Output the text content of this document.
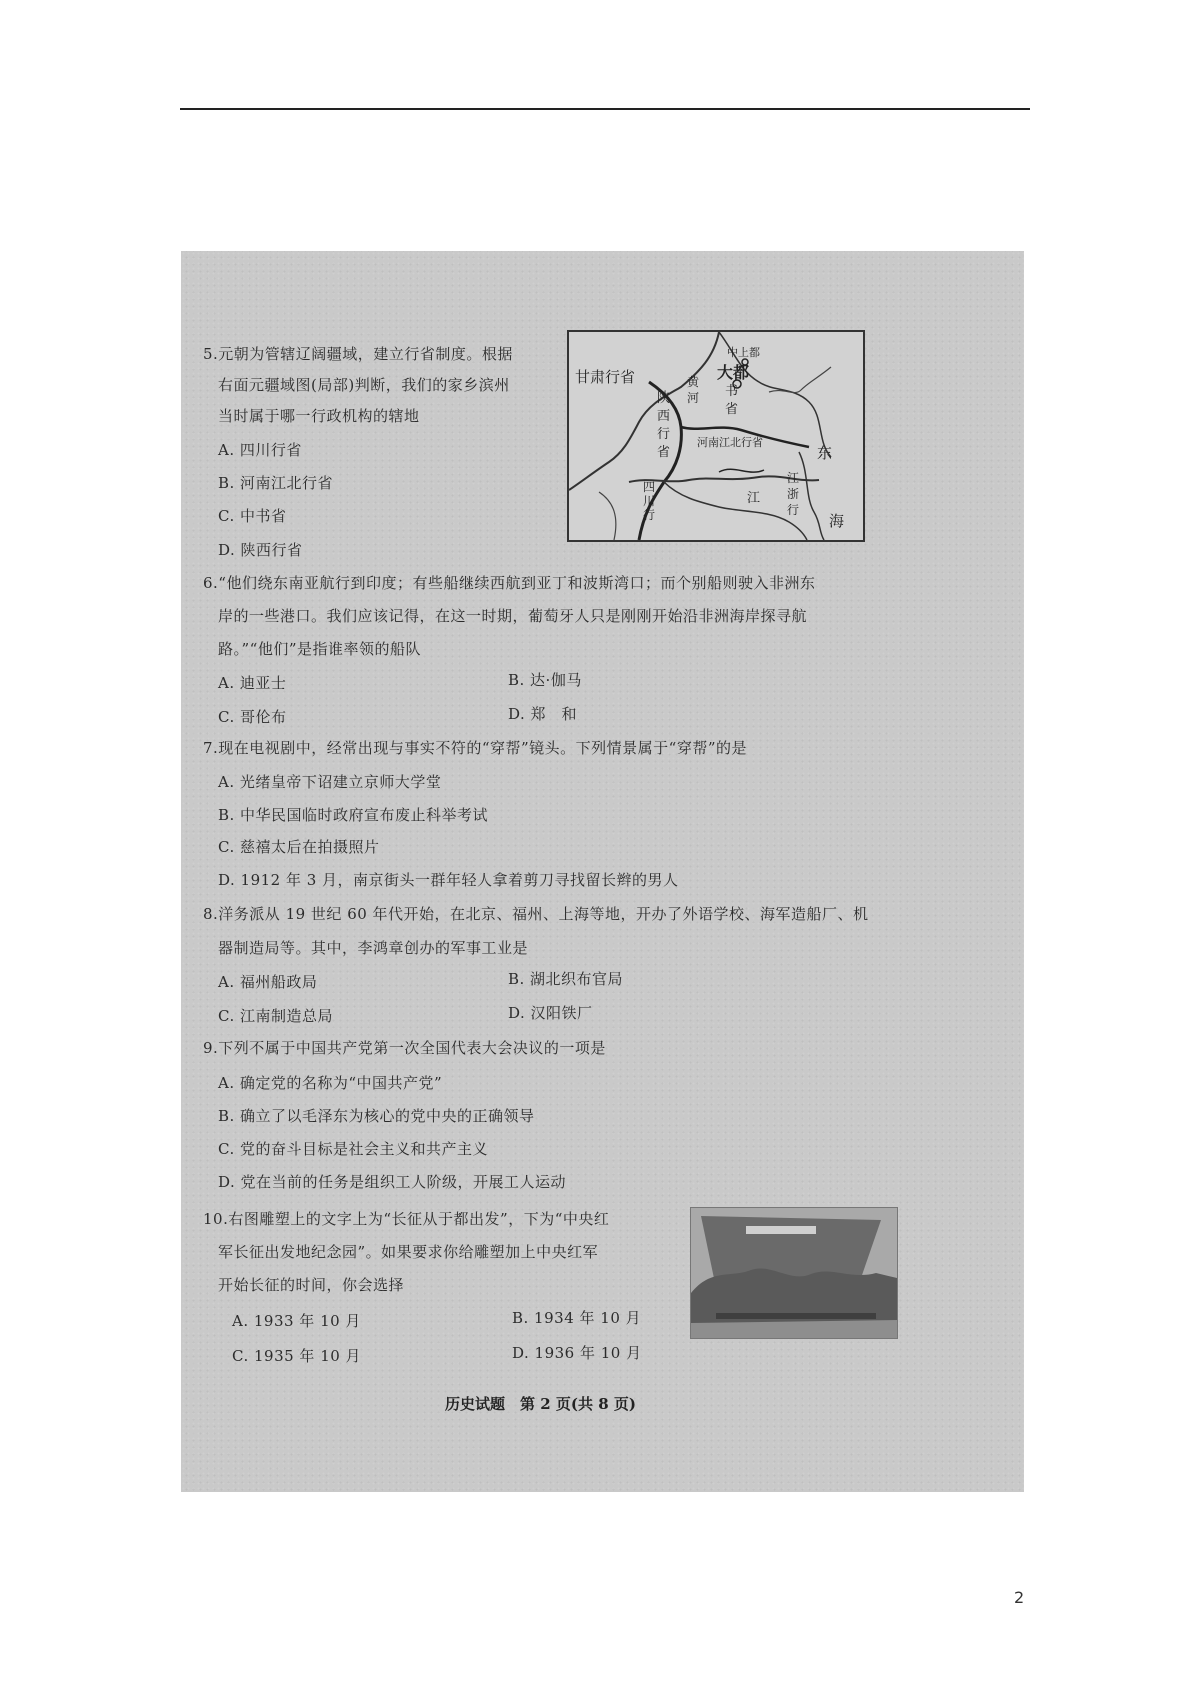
5.元朝为管辖辽阔疆域，建立行省制度。根据
右面元疆域图(局部)判断，我们的家乡滨州
当时属于哪一行政机构的辖地
A. 四川行省
B. 河南江北行省
C. 中书省
D. 陕西行省
中上都
大都
书
省
甘肃行省
陕西行省
黄河
河南江北行省
东
海
四川行
江
江浙行
6.“他们绕东南亚航行到印度；有些船继续西航到亚丁和波斯湾口；而个别船则驶入非洲东
岸的一些港口。我们应该记得，在这一时期，葡萄牙人只是刚刚开始沿非洲海岸探寻航
路。”“他们”是指谁率领的船队
A. 迪亚士	B. 达·伽马
C. 哥伦布	D. 郑　和
7.现在电视剧中，经常出现与事实不符的“穿帮”镜头。下列情景属于“穿帮”的是
A. 光绪皇帝下诏建立京师大学堂
B. 中华民国临时政府宣布废止科举考试
C. 慈禧太后在拍摄照片
D. 1912 年 3 月，南京街头一群年轻人拿着剪刀寻找留长辫的男人
8.洋务派从 19 世纪 60 年代开始，在北京、福州、上海等地，开办了外语学校、海军造船厂、机
器制造局等。其中，李鸿章创办的军事工业是
A. 福州船政局	B. 湖北织布官局
C. 江南制造总局	D. 汉阳铁厂
9.下列不属于中国共产党第一次全国代表大会决议的一项是
A. 确定党的名称为“中国共产党”
B. 确立了以毛泽东为核心的党中央的正确领导
C. 党的奋斗目标是社会主义和共产主义
D. 党在当前的任务是组织工人阶级，开展工人运动
10.右图雕塑上的文字上为“长征从于都出发”，下为“中央红
军长征出发地纪念园”。如果要求你给雕塑加上中央红军
开始长征的时间，你会选择
A. 1933 年 10 月	B. 1934 年 10 月
C. 1935 年 10 月	D. 1936 年 10 月
历史试题　第 2 页(共 8 页)
2
